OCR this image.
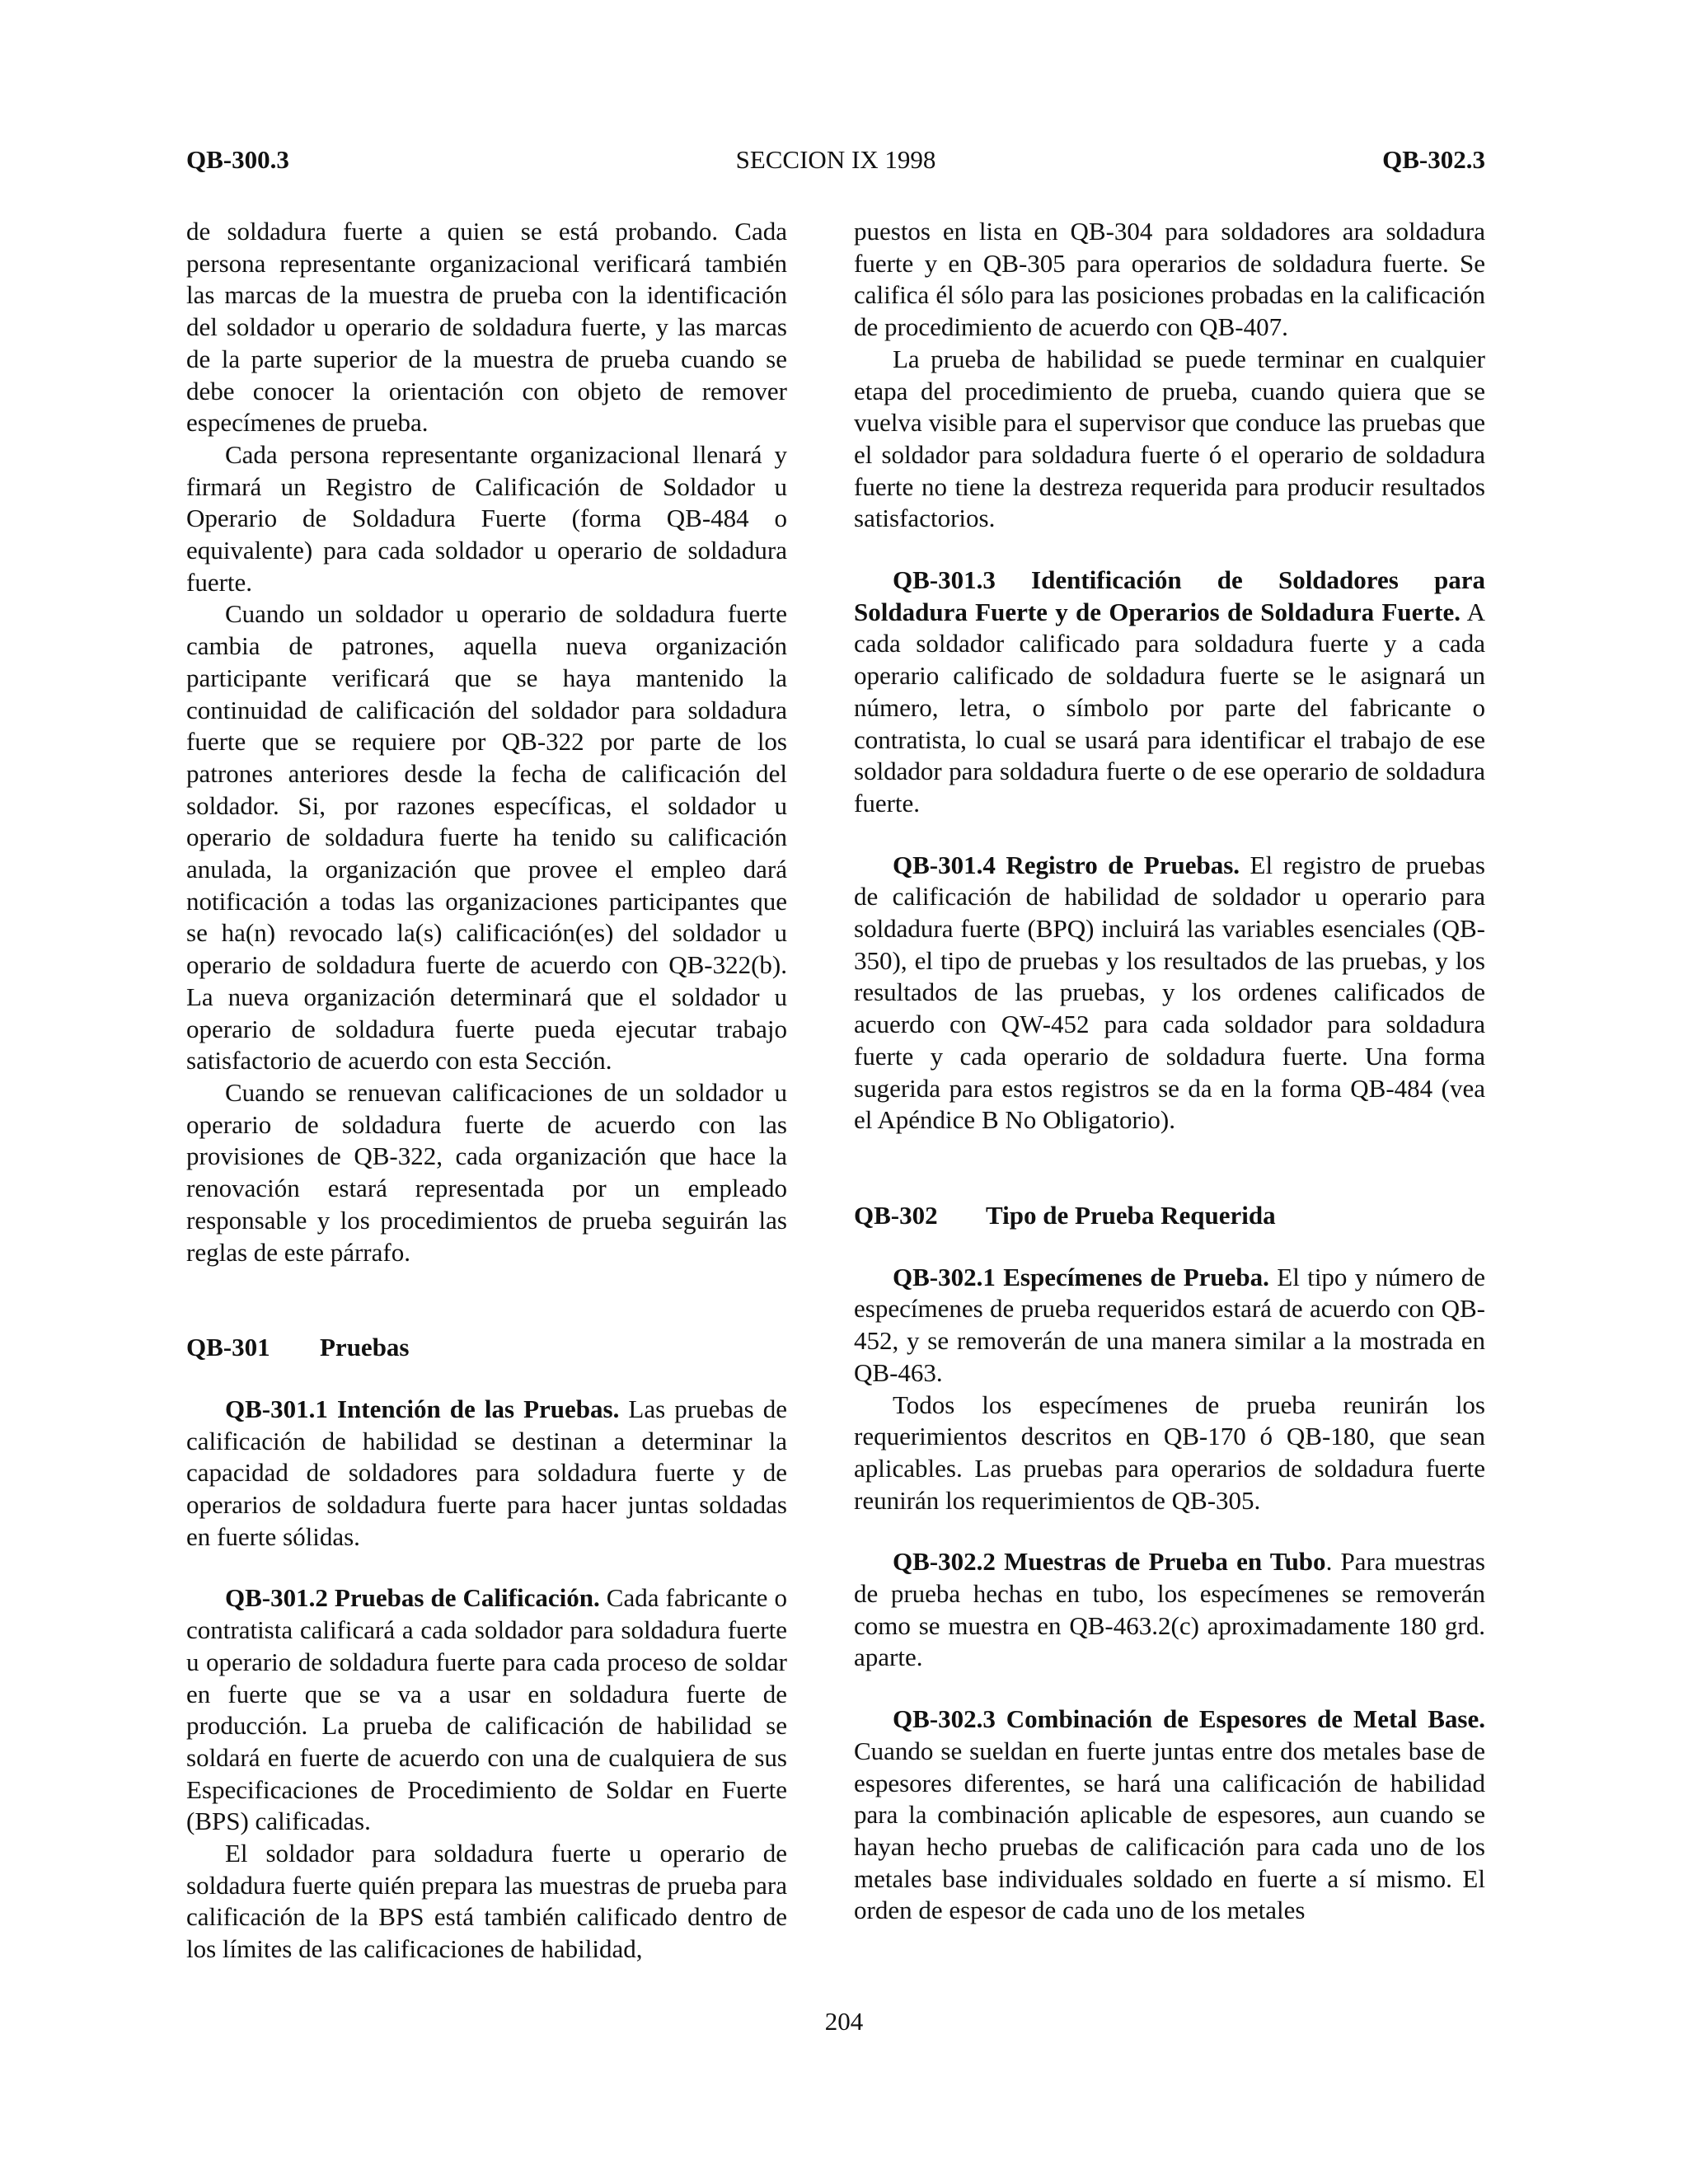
QB-300.3	SECCION IX 1998	QB-302.3

de soldadura fuerte a quien se está probando. Cada persona representante organizacional verificará también las marcas de la muestra de prueba con la identificación del soldador u operario de soldadura fuerte, y las marcas de la parte superior de la muestra de prueba cuando se debe conocer la orientación con objeto de remover especímenes de prueba.

Cada persona representante organizacional llenará y firmará un Registro de Calificación de Soldador u Operario de Soldadura Fuerte (forma QB-484 o equivalente) para cada soldador u operario de soldadura fuerte.

Cuando un soldador u operario de soldadura fuerte cambia de patrones, aquella nueva organización participante verificará que se haya mantenido la continuidad de calificación del soldador para soldadura fuerte que se requiere por QB-322 por parte de los patrones anteriores desde la fecha de calificación del soldador. Si, por razones específicas, el soldador u operario de soldadura fuerte ha tenido su calificación anulada, la organización que provee el empleo dará notificación a todas las organizaciones participantes que se ha(n) revocado la(s) calificación(es) del soldador u operario de soldadura fuerte de acuerdo con QB-322(b). La nueva organización determinará que el soldador u operario de soldadura fuerte pueda ejecutar trabajo satisfactorio de acuerdo con esta Sección.

Cuando se renuevan calificaciones de un soldador u operario de soldadura fuerte de acuerdo con las provisiones de QB-322, cada organización que hace la renovación estará representada por un empleado responsable y los procedimientos de prueba seguirán las reglas de este párrafo.

QB-301	Pruebas

QB-301.1 Intención de las Pruebas. Las pruebas de calificación de habilidad se destinan a determinar la capacidad de soldadores para soldadura fuerte y de operarios de soldadura fuerte para hacer juntas soldadas en fuerte sólidas.

QB-301.2 Pruebas de Calificación. Cada fabricante o contratista calificará a cada soldador para soldadura fuerte u operario de soldadura fuerte para cada proceso de soldar en fuerte que se va a usar en soldadura fuerte de producción. La prueba de calificación de habilidad se soldará en fuerte de acuerdo con una de cualquiera de sus Especificaciones de Procedimiento de Soldar en Fuerte (BPS) calificadas.

El soldador para soldadura fuerte u operario de soldadura fuerte quién prepara las muestras de prueba para calificación de la BPS está también calificado dentro de los límites de las calificaciones de habilidad,

puestos en lista en QB-304 para soldadores ara soldadura fuerte y en QB-305 para operarios de soldadura fuerte. Se califica él sólo para las posiciones probadas en la calificación de procedimiento de acuerdo con QB-407.

La prueba de habilidad se puede terminar en cualquier etapa del procedimiento de prueba, cuando quiera que se vuelva visible para el supervisor que conduce las pruebas que el soldador para soldadura fuerte ó el operario de soldadura fuerte no tiene la destreza requerida para producir resultados satisfactorios.

QB-301.3 Identificación de Soldadores para Soldadura Fuerte y de Operarios de Soldadura Fuerte. A cada soldador calificado para soldadura fuerte y a cada operario calificado de soldadura fuerte se le asignará un número, letra, o símbolo por parte del fabricante o contratista, lo cual se usará para identificar el trabajo de ese soldador para soldadura fuerte o de ese operario de soldadura fuerte.

QB-301.4 Registro de Pruebas. El registro de pruebas de calificación de habilidad de soldador u operario para soldadura fuerte (BPQ) incluirá las variables esenciales (QB-350), el tipo de pruebas y los resultados de las pruebas, y los resultados de las pruebas, y los ordenes calificados de acuerdo con QW-452 para cada soldador para soldadura fuerte y cada operario de soldadura fuerte. Una forma sugerida para estos registros se da en la forma QB-484 (vea el Apéndice B No Obligatorio).

QB-302	Tipo de Prueba Requerida

QB-302.1 Especímenes de Prueba. El tipo y número de especímenes de prueba requeridos estará de acuerdo con QB-452, y se removerán de una manera similar a la mostrada en QB-463.

Todos los especímenes de prueba reunirán los requerimientos descritos en QB-170 ó QB-180, que sean aplicables. Las pruebas para operarios de soldadura fuerte reunirán los requerimientos de QB-305.

QB-302.2 Muestras de Prueba en Tubo. Para muestras de prueba hechas en tubo, los especímenes se removerán como se muestra en QB-463.2(c) aproximadamente 180 grd. aparte.

QB-302.3 Combinación de Espesores de Metal Base. Cuando se sueldan en fuerte juntas entre dos metales base de espesores diferentes, se hará una calificación de habilidad para la combinación aplicable de espesores, aun cuando se hayan hecho pruebas de calificación para cada uno de los metales base individuales soldado en fuerte a sí mismo. El orden de espesor de cada uno de los metales

204
